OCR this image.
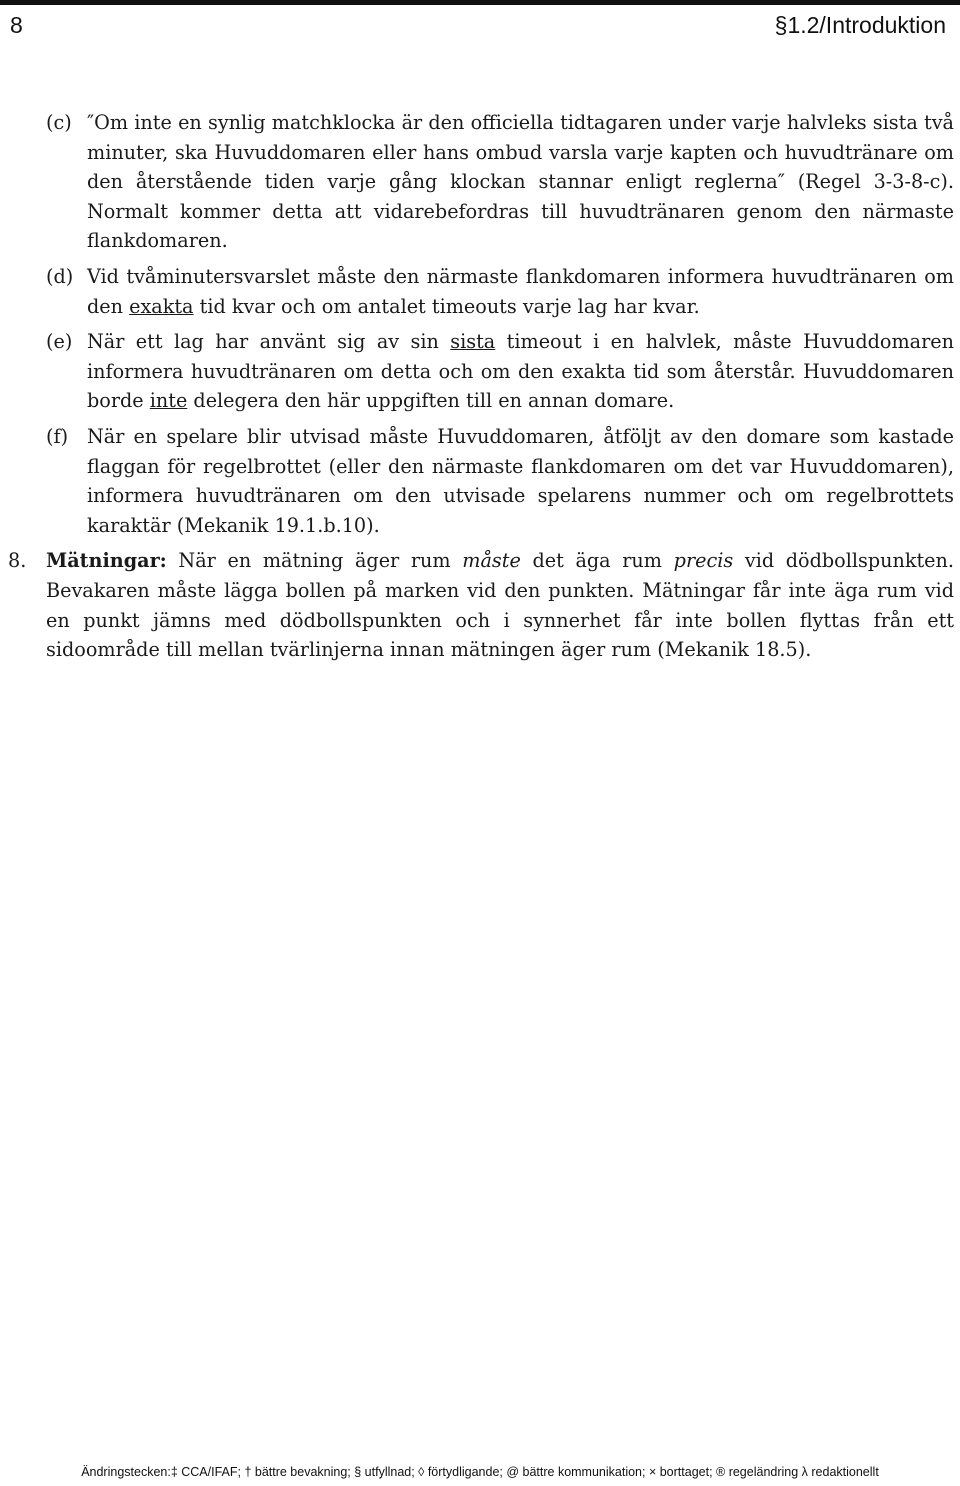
8	§1.2/Introduktion
(c) ″Om inte en synlig matchklocka är den officiella tidtagaren under varje halvleks sista två minuter, ska Huvuddomaren eller hans ombud varsla varje kapten och huvudtränare om den återstående tiden varje gång klockan stannar enligt reglerna″ (Regel 3-3-8-c). Normalt kommer detta att vidarebefordras till huvudtränaren genom den närmaste flankdomaren.
(d) Vid tvåminutersvarslet måste den närmaste flankdomaren informera huvudtränaren om den exakta tid kvar och om antalet timeouts varje lag har kvar.
(e) När ett lag har använt sig av sin sista timeout i en halvlek, måste Huvuddomaren informera huvudtränaren om detta och om den exakta tid som återstår. Huvuddomaren borde inte delegera den här uppgiften till en annan domare.
(f) När en spelare blir utvisad måste Huvuddomaren, åtföljt av den domare som kastade flaggan för regelbrottet (eller den närmaste flankdomaren om det var Huvuddomaren), informera huvudtränaren om den utvisade spelarens nummer och om regelbrottets karaktär (Mekanik 19.1.b.10).
8. Mätningar: När en mätning äger rum måste det äga rum precis vid dödbollspunkten. Bevakaren måste lägga bollen på marken vid den punkten. Mätningar får inte äga rum vid en punkt jämns med dödbollspunkten och i synnerhet får inte bollen flyttas från ett sidoområde till mellan tvärlinjerna innan mätningen äger rum (Mekanik 18.5).
Ändringstecken:‡ CCA/IFAF; † bättre bevakning; § utfyllnad; ◊ förtydligande; @ bättre kommunikation; × borttaget; ® regeländring λ redaktionellt
